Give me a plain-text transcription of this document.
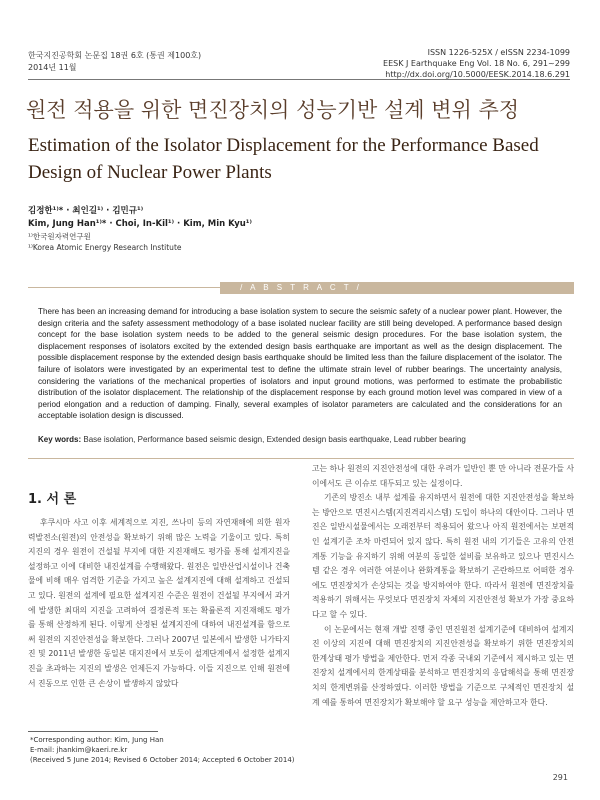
한국지진공학회 논문집 18권 6호 (통권 제100호)
2014년 11월
ISSN 1226-525X / eISSN 2234-1099
EESK J Earthquake Eng Vol. 18 No. 6, 291~299
http://dx.doi.org/10.5000/EESK.2014.18.6.291
원전 적용을 위한 면진장치의 성능기반 설계 변위 추정
Estimation of the Isolator Displacement for the Performance Based Design of Nuclear Power Plants
김정한¹⁾* · 최인길¹⁾ · 김민규¹⁾
Kim, Jung Han¹⁾* · Choi, In-Kil¹⁾ · Kim, Min Kyu¹⁾
¹⁾한국원자력연구원
¹⁾Korea Atomic Energy Research Institute
/ A B S T R A C T /
There has been an increasing demand for introducing a base isolation system to secure the seismic safety of a nuclear power plant. However, the design criteria and the safety assessment methodology of a base isolated nuclear facility are still being developed. A performance based design concept for the base isolation system needs to be added to the general seismic design procedures. For the base isolation system, the displacement responses of isolators excited by the extended design basis earthquake are important as well as the design displacement. The possible displacement response by the extended design basis earthquake should be limited less than the failure displacement of the isolator. The failure of isolators were investigated by an experimental test to define the ultimate strain level of rubber bearings. The uncertainty analysis, considering the variations of the mechanical properties of isolators and input ground motions, was performed to estimate the probabilistic distribution of the isolator displacement. The relationship of the displacement response by each ground motion level was compared in view of a period elongation and a reduction of damping. Finally, several examples of isolator parameters are calculated and the considerations for an acceptable isolation design is discussed.
Key words: Base isolation, Performance based seismic design, Extended design basis earthquake, Lead rubber bearing
1. 서 론

후쿠시마 사고 이후 세계적으로 지진, 쓰나미 등의 자연재해에 의한 원자력발전소(원전)의 안전성을 확보하기 위해 많은 노력을 기울이고 있다. 특히 지진의 경우 원전이 건설될 부지에 대한 지진재해도 평가를 통해 설계지진을 설정하고 이에 대비한 내진설계를 수행해왔다. 원전은 일반산업시설이나 건축물에 비해 매우 엄격한 기준을 가지고 높은 설계지진에 대해 설계하고 건설되고 있다. 원전의 설계에 필요한 설계지진 수준은 원전이 건설될 부지에서 과거에 발생한 최대의 지진을 고려하여 결정론적 또는 확률론적 지진재해도 평가를 통해 산정하게 된다. 이렇게 산정된 설계지진에 대하여 내진설계를 함으로써 원전의 지진안전성을 확보한다. 그러나 2007년 일본에서 발생한 니가타지진 및 2011년 발생한 동일본 대지진에서 보듯이 설계단계에서 설정한 설계지진을 초과하는 지진의 발생은 언제든지 가능하다. 이들 지진으로 인해 원전에서 진동으로 인한 큰 손상이 발생하지 않았다

고는 하나 원전의 지진안전성에 대한 우려가 일반인 뿐 만 아니라 전문가들 사이에서도 큰 이슈로 대두되고 있는 실정이다.

기존의 방진소 내부 설계를 유지하면서 원전에 대한 지진안전성을 확보하는 방안으로 면진시스템(지진격리시스템) 도입이 하나의 대안이다. 그러나 면진은 일반시설물에서는 오래전부터 적용되어 왔으나 아직 원전에서는 보편적인 설계기준 조차 마련되어 있지 않다. 특히 원전 내의 기기들은 고유의 안전계통 기능을 유지하기 위해 여분의 동일한 설비를 보유하고 있으나 면진시스템 같은 경우 여러한 여분이나 완화계통을 확보하기 곤란하므로 어떠한 경우에도 면진장치가 손상되는 것을 방지하여야 한다. 따라서 원전에 면진장치를 적용하기 위해서는 무엇보다 면진장치 자체의 지진안전성 확보가 가장 중요하다고 할 수 있다.

이 논문에서는 현재 개발 진행 중인 면진원전 설계기준에 대비하여 설계지진 이상의 지진에 대해 면진장치의 지진안전성을 확보하기 위한 면진장치의 한계상태 평가 방법을 제안한다. 먼저 각종 국내외 기준에서 제시하고 있는 면진장치 설계에서의 한계상태를 분석하고 면진장치의 응답해석을 통해 면진장치의 한계변위를 산정하였다. 이러한 방법을 기준으로 구체적인 면진장치 설계 예를 통하여 면진장치가 확보해야 할 요구 성능을 제안하고자 한다.

*Corresponding author: Kim, Jung Han
E-mail: jhankim@kaeri.re.kr
(Received 5 June 2014; Revised 6 October 2014; Accepted 6 October 2014)
291
